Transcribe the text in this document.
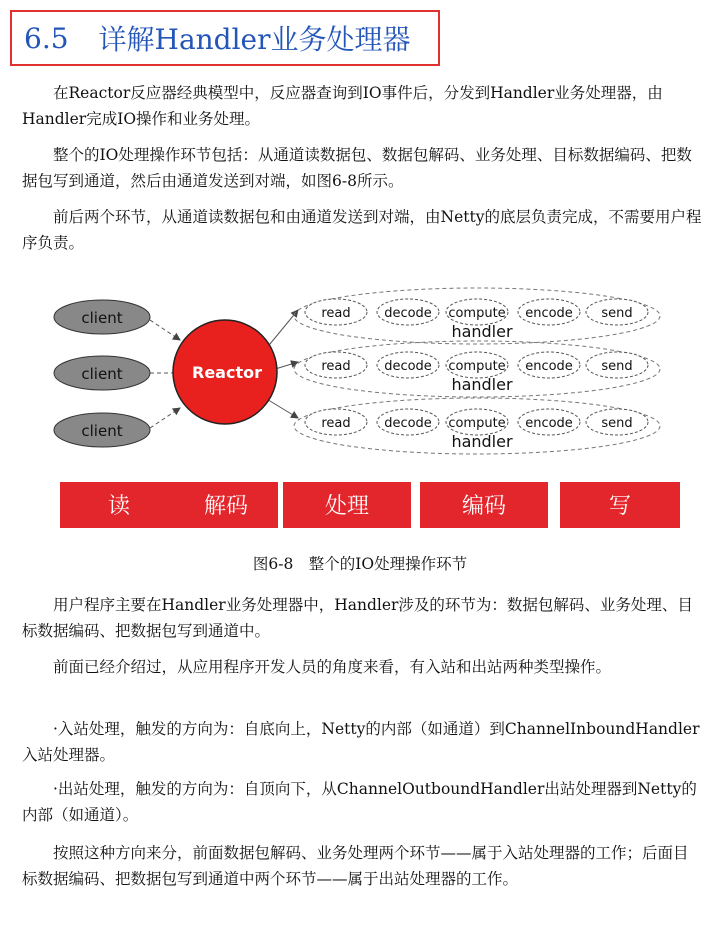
6.5 详解Handler业务处理器

在Reactor反应器经典模型中，反应器查询到IO事件后，分发到Handler业务处理器，由Handler完成IO操作和业务处理。

整个的IO处理操作环节包括：从通道读数据包、数据包解码、业务处理、目标数据编码、把数据包写到通道，然后由通道发送到对端，如图6-8所示。

前后两个环节，从通道读数据包和由通道发送到对端，由Netty的底层负责完成，不需要用户程序负责。

client
client
client
Reactor
read	decode compute encode send
handler
read	decode compute encode send
handler
read	decode compute encode send
handler
读	解码	处理	编码	写
图6-8　整个的IO处理操作环节

用户程序主要在Handler业务处理器中，Handler涉及的环节为：数据包解码、业务处理、目标数据编码、把数据包写到通道中。

前面已经介绍过，从应用程序开发人员的角度来看，有入站和出站两种类型操作。

·入站处理，触发的方向为：自底向上，Netty的内部（如通道）到ChannelInboundHandler入站处理器。

·出站处理，触发的方向为：自顶向下，从ChannelOutboundHandler出站处理器到Netty的内部（如通道）。

按照这种方向来分，前面数据包解码、业务处理两个环节——属于入站处理器的工作；后面目标数据编码、把数据包写到通道中两个环节——属于出站处理器的工作。
